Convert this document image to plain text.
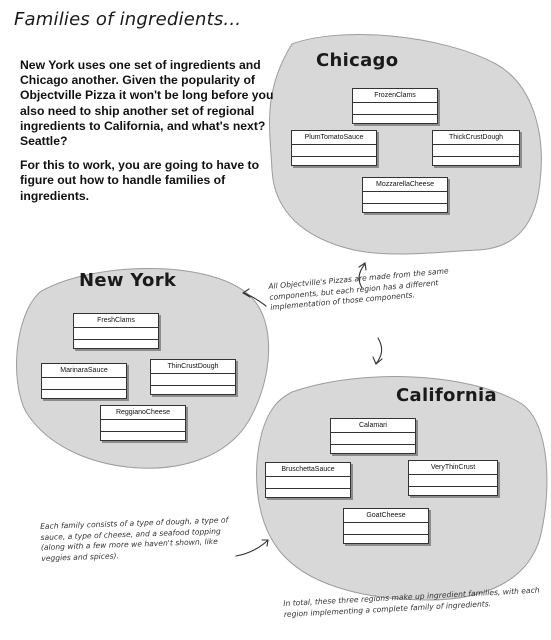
Families of ingredients...

New York uses one set of ingredients and Chicago another. Given the popularity of Objectville Pizza it won't be long before you also need to ship another set of regional ingredients to California, and what's next? Seattle?

For this to work, you are going to have to figure out how to handle families of ingredients.

Chicago
FrozenClams
PlumTomatoSauce	ThickCrustDough
MozzarellaCheese
New York
FreshClams
MarinaraSauce
ThinCrustDough
ReggianoCheese
California
Calamari
BruschettaSauce	VeryThinCrust
GoatCheese
All Objectville's Pizzas are made from the same components, but each region has a different implementation of those components.
Each family consists of a type of dough, a type of sauce, a type of cheese, and a seafood topping (along with a few more we haven't shown, like veggies and spices).
In total, these three regions make up ingredient families, with each region implementing a complete family of ingredients.
